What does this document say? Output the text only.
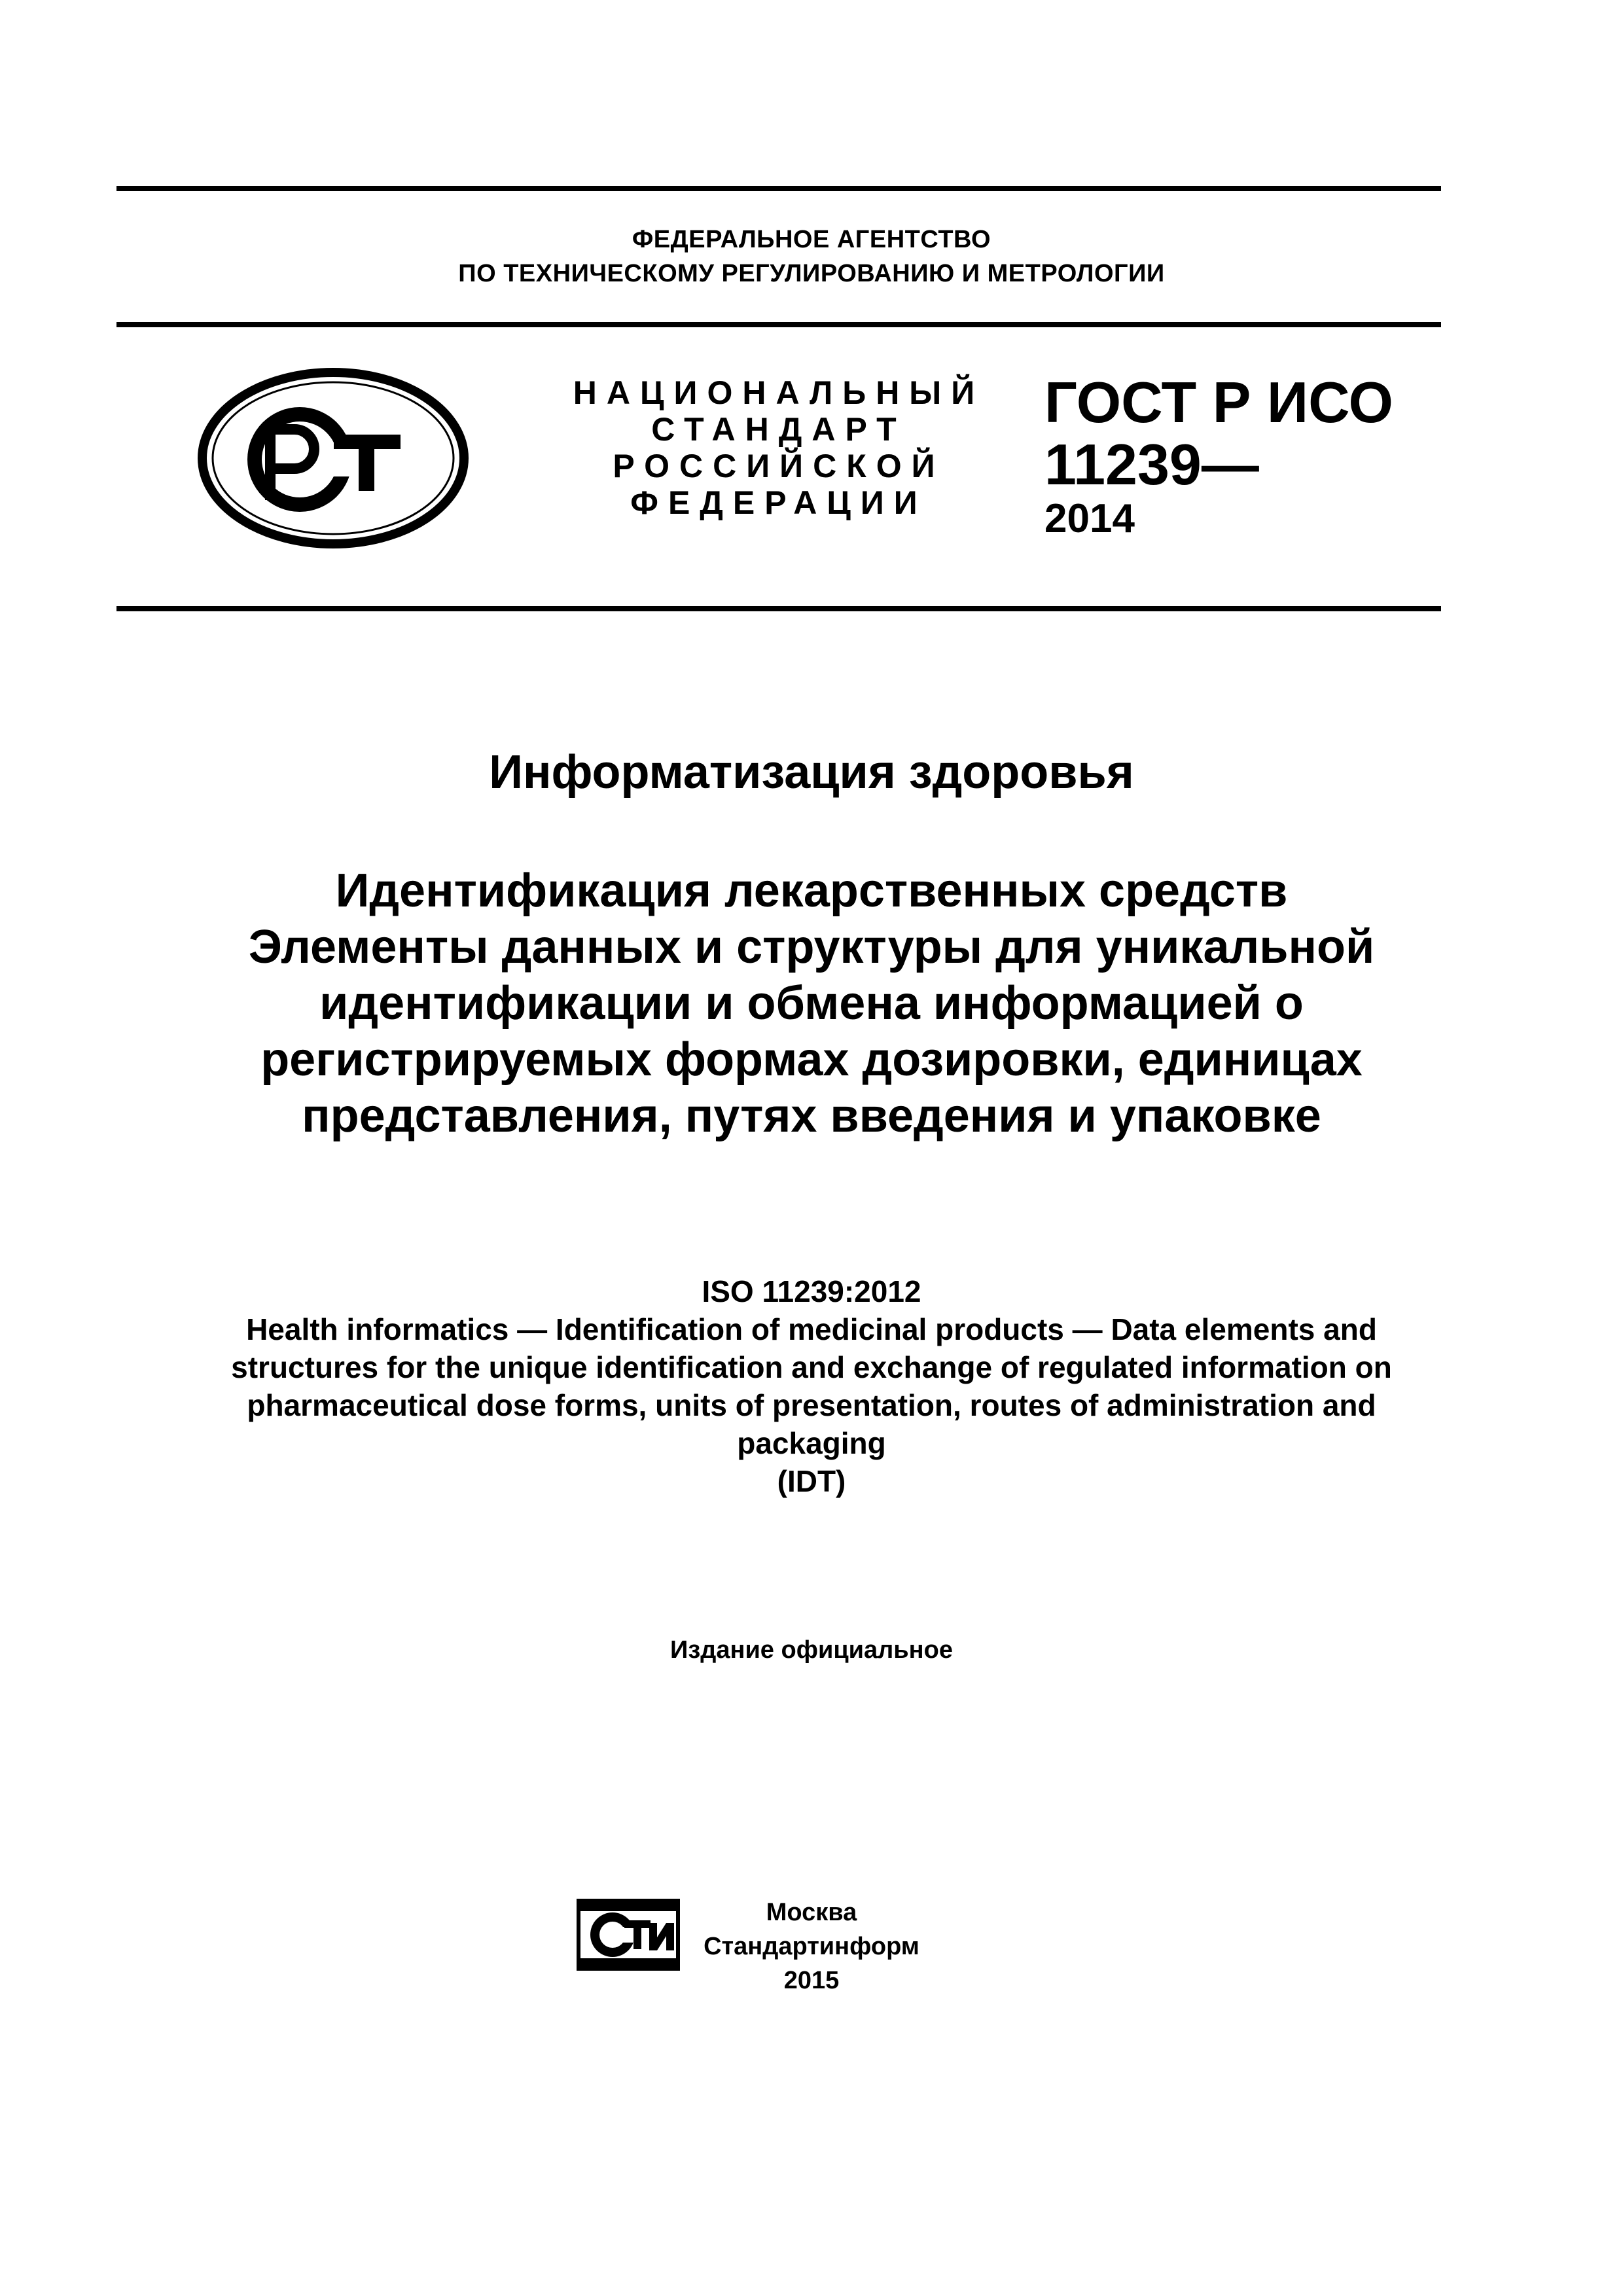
ФЕДЕРАЛЬНОЕ АГЕНТСТВО
ПО ТЕХНИЧЕСКОМУ РЕГУЛИРОВАНИЮ И МЕТРОЛОГИИ
НАЦИОНАЛЬНЫЙ
СТАНДАРТ
РОССИЙСКОЙ
ФЕДЕРАЦИИ
ГОСТ Р ИСО
11239—
2014
Информатизация здоровья
Идентификация лекарственных средств
Элементы данных и структуры для уникальной
идентификации и обмена информацией о
регистрируемых формах дозировки, единицах
представления, путях введения и упаковке
ISO 11239:2012
Health informatics — Identification of medicinal products — Data elements and
structures for the unique identification and exchange of regulated information on
pharmaceutical dose forms, units of presentation, routes of administration and
packaging
(IDT)
Издание официальное
Москва
Стандартинформ
2015
